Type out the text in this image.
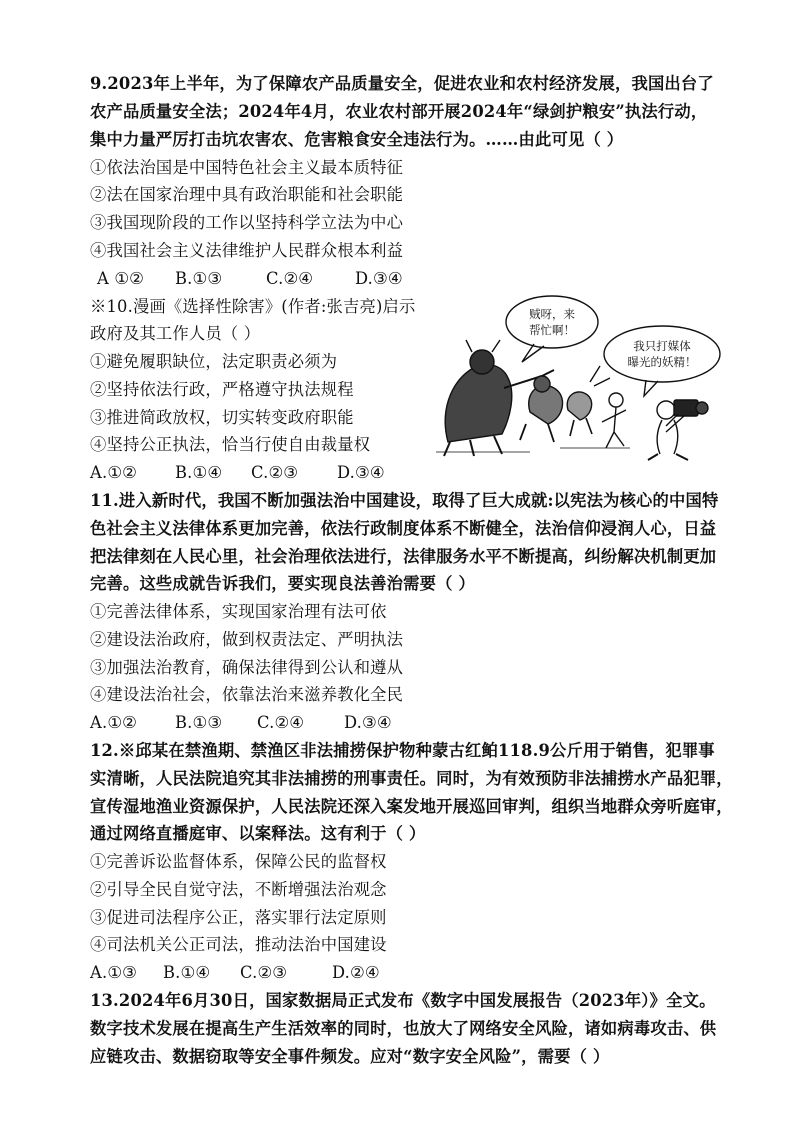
9.2023年上半年，为了保障农产品质量安全，促进农业和农村经济发展，我国出台了
农产品质量安全法；2024年4月，农业农村部开展2024年“绿剑护粮安”执法行动，
集中力量严厉打击坑农害农、危害粮食安全违法行为。……由此可见（ ）
①依法治国是中国特色社会主义最本质特征
②法在国家治理中具有政治职能和社会职能
③我国现阶段的工作以坚持科学立法为中心
④我国社会主义法律维护人民群众根本利益
A ①②	B.①③	C.②④	D.③④
※10.漫画《选择性除害》(作者:张吉亮)启示
政府及其工作人员（ ）
①避免履职缺位，法定职责必须为
②坚持依法行政，严格遵守执法规程
③推进简政放权，切实转变政府职能
④坚持公正执法，恰当行使自由裁量权
A.①②	B.①④	C.②③	D.③④
贼呀，来
帮忙啊！
我只打媒体
曝光的妖精！
11.进入新时代，我国不断加强法治中国建设，取得了巨大成就:以宪法为核心的中国特
色社会主义法律体系更加完善，依法行政制度体系不断健全，法治信仰浸润人心，日益
把法律刻在人民心里，社会治理依法进行，法律服务水平不断提高，纠纷解决机制更加
完善。这些成就告诉我们，要实现良法善治需要（ ）
①完善法律体系，实现国家治理有法可依
②建设法治政府，做到权责法定、严明执法
③加强法治教育，确保法律得到公认和遵从
④建设法治社会，依靠法治来滋养教化全民
A.①②	B.①③	C.②④	D.③④
12.※邱某在禁渔期、禁渔区非法捕捞保护物种蒙古红鲌118.9公斤用于销售，犯罪事
实清晰，人民法院追究其非法捕捞的刑事责任。同时，为有效预防非法捕捞水产品犯罪，
宣传湿地渔业资源保护，人民法院还深入案发地开展巡回审判，组织当地群众旁听庭审，
通过网络直播庭审、以案释法。这有利于（ ）
①完善诉讼监督体系，保障公民的监督权
②引导全民自觉守法，不断增强法治观念
③促进司法程序公正，落实罪行法定原则
④司法机关公正司法，推动法治中国建设
A.①③	B.①④	C.②③	D.②④
13.2024年6月30日，国家数据局正式发布《数字中国发展报告（2023年）》全文。
数字技术发展在提高生产生活效率的同时，也放大了网络安全风险，诸如病毒攻击、供
应链攻击、数据窃取等安全事件频发。应对“数字安全风险”，需要（ ）
